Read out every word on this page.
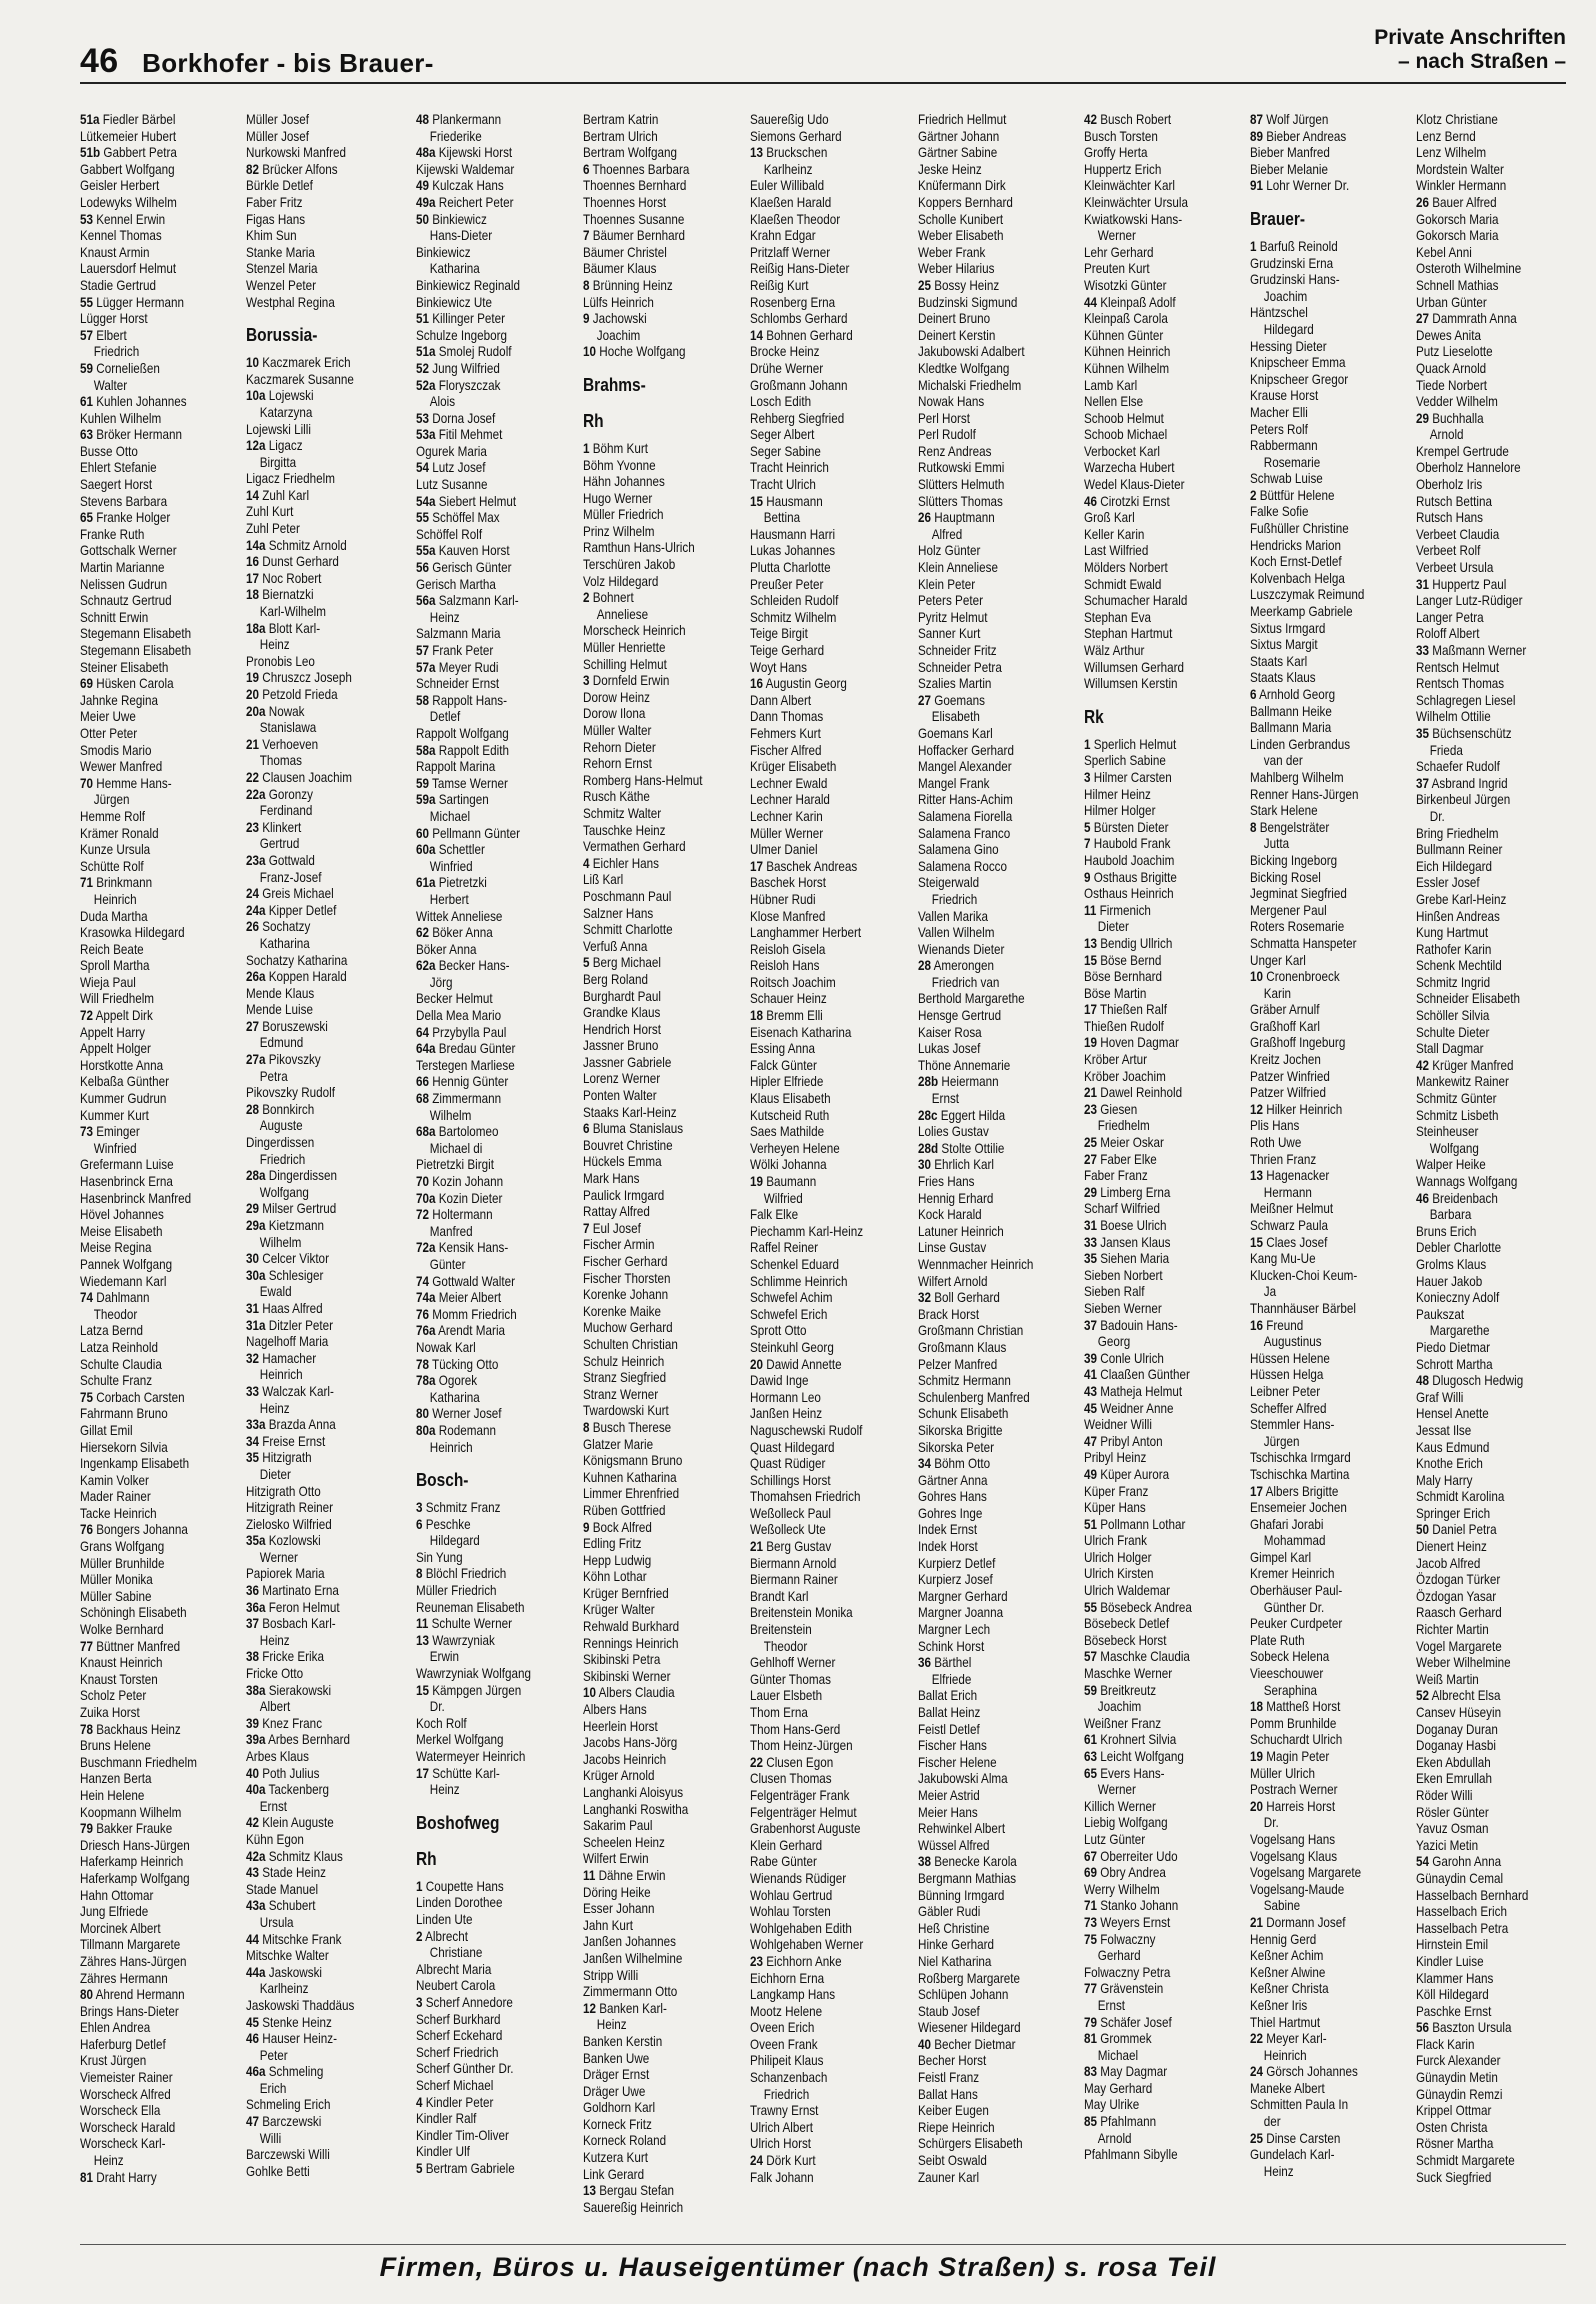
46 Borkhofer - bis Brauer-
Private Anschriften
– nach Straßen –
51a Fiedler Bärbel
Lütkemeier Hubert
51b Gabbert Petra
Gabbert Wolfgang
Geisler Herbert
Lodewyks Wilhelm
53 Kennel Erwin
Kennel Thomas
Knaust Armin
Lauersdorf Helmut
Stadie Gertrud
55 Lügger Hermann
Lügger Horst
57 Elbert
Friedrich
59 Corneließen
Walter
61 Kuhlen Johannes
Kuhlen Wilhelm
63 Bröker Hermann
Busse Otto
Ehlert Stefanie
Saegert Horst
Stevens Barbara
65 Franke Holger
Franke Ruth
Gottschalk Werner
Martin Marianne
Nelissen Gudrun
Schnautz Gertrud
Schnitt Erwin
Stegemann Elisabeth
Stegemann Elisabeth
Steiner Elisabeth
69 Hüsken Carola
Jahnke Regina
Meier Uwe
Otter Peter
Smodis Mario
Wewer Manfred
70 Hemme Hans-
Jürgen
Hemme Rolf
Krämer Ronald
Kunze Ursula
Schütte Rolf
71 Brinkmann
Heinrich
Duda Martha
Krasowka Hildegard
Reich Beate
Sproll Martha
Wieja Paul
Will Friedhelm
72 Appelt Dirk
Appelt Harry
Appelt Holger
Horstkotte Anna
Kelbaßa Günther
Kummer Gudrun
Kummer Kurt
73 Eminger
Winfried
Grefermann Luise
Hasenbrinck Erna
Hasenbrinck Manfred
Hövel Johannes
Meise Elisabeth
Meise Regina
Pannek Wolfgang
Wiedemann Karl
74 Dahlmann
Theodor
Latza Bernd
Latza Reinhold
Schulte Claudia
Schulte Franz
75 Corbach Carsten
Fahrmann Bruno
Gillat Emil
Hiersekorn Silvia
Ingenkamp Elisabeth
Kamin Volker
Mader Rainer
Tacke Heinrich
76 Bongers Johanna
Grans Wolfgang
Müller Brunhilde
Müller Monika
Müller Sabine
Schöningh Elisabeth
Wolke Bernhard
77 Büttner Manfred
Knaust Heinrich
Knaust Torsten
Scholz Peter
Zuika Horst
78 Backhaus Heinz
Bruns Helene
Buschmann Friedhelm
Hanzen Berta
Hein Helene
Koopmann Wilhelm
79 Bakker Frauke
Driesch Hans-Jürgen
Haferkamp Heinrich
Haferkamp Wolfgang
Hahn Ottomar
Jung Elfriede
Morcinek Albert
Tillmann Margarete
Zähres Hans-Jürgen
Zähres Hermann
80 Ahrend Hermann
Brings Hans-Dieter
Ehlen Andrea
Haferburg Detlef
Krust Jürgen
Viemeister Rainer
Worscheck Alfred
Worscheck Ella
Worscheck Harald
Worscheck Karl-
Heinz
81 Draht Harry
Müller Josef
Müller Josef
Nurkowski Manfred
82 Brücker Alfons
Bürkle Detlef
Faber Fritz
Figas Hans
Khim Sun
Stanke Maria
Stenzel Maria
Wenzel Peter
Westphal Regina
Borussia-
10 Kaczmarek Erich
Kaczmarek Susanne
10a Lojewski
Katarzyna
Lojewski Lilli
12a Ligacz
Birgitta
Ligacz Friedhelm
14 Zuhl Karl
Zuhl Kurt
Zuhl Peter
14a Schmitz Arnold
16 Dunst Gerhard
17 Noc Robert
18 Biernatzki
Karl-Wilhelm
18a Blott Karl-
Heinz
Pronobis Leo
19 Chruszcz Joseph
20 Petzold Frieda
20a Nowak
Stanislawa
21 Verhoeven
Thomas
22 Clausen Joachim
22a Goronzy
Ferdinand
23 Klinkert
Gertrud
23a Gottwald
Franz-Josef
24 Greis Michael
24a Kipper Detlef
26 Sochatzy
Katharina
Sochatzy Katharina
26a Koppen Harald
Mende Klaus
Mende Luise
27 Boruszewski
Edmund
27a Pikovszky
Petra
Pikovszky Rudolf
28 Bonnkirch
Auguste
Dingerdissen
Friedrich
28a Dingerdissen
Wolfgang
29 Milser Gertrud
29a Kietzmann
Wilhelm
30 Celcer Viktor
30a Schlesiger
Ewald
31 Haas Alfred
31a Ditzler Peter
Nagelhoff Maria
32 Hamacher
Heinrich
33 Walczak Karl-
Heinz
33a Brazda Anna
34 Freise Ernst
35 Hitzigrath
Dieter
Hitzigrath Otto
Hitzigrath Reiner
Zielosko Wilfried
35a Kozlowski
Werner
Papiorek Maria
36 Martinato Erna
36a Feron Helmut
37 Bosbach Karl-
Heinz
38 Fricke Erika
Fricke Otto
38a Sierakowski
Albert
39 Knez Franc
39a Arbes Bernhard
Arbes Klaus
40 Poth Julius
40a Tackenberg
Ernst
42 Klein Auguste
Kühn Egon
42a Schmitz Klaus
43 Stade Heinz
Stade Manuel
43a Schubert
Ursula
44 Mitschke Frank
Mitschke Walter
44a Jaskowski
Karlheinz
Jaskowski Thaddäus
45 Stenke Heinz
46 Hauser Heinz-
Peter
46a Schmeling
Erich
Schmeling Erich
47 Barczewski
Willi
Barczewski Willi
Gohlke Betti
48 Plankermann
Friederike
48a Kijewski Horst
Kijewski Waldemar
49 Kulczak Hans
49a Reichert Peter
50 Binkiewicz
Hans-Dieter
Binkiewicz
Katharina
Binkiewicz Reginald
Binkiewicz Ute
51 Killinger Peter
Schulze Ingeborg
51a Smolej Rudolf
52 Jung Wilfried
52a Floryszczak
Alois
53 Dorna Josef
53a Fitil Mehmet
Ogurek Maria
54 Lutz Josef
Lutz Susanne
54a Siebert Helmut
55 Schöffel Max
Schöffel Rolf
55a Kauven Horst
56 Gerisch Günter
Gerisch Martha
56a Salzmann Karl-
Heinz
Salzmann Maria
57 Frank Peter
57a Meyer Rudi
Schneider Ernst
58 Rappolt Hans-
Detlef
Rappolt Wolfgang
58a Rappolt Edith
Rappolt Marina
59 Tamse Werner
59a Sartingen
Michael
60 Pellmann Günter
60a Schettler
Winfried
61a Pietretzki
Herbert
Wittek Anneliese
62 Böker Anna
Böker Anna
62a Becker Hans-
Jörg
Becker Helmut
Della Mea Mario
64 Przybylla Paul
64a Bredau Günter
Terstegen Marliese
66 Hennig Günter
68 Zimmermann
Wilhelm
68a Bartolomeo
Michael di
Pietretzki Birgit
70 Kozin Johann
70a Kozin Dieter
72 Holtermann
Manfred
72a Kensik Hans-
Günter
74 Gottwald Walter
74a Meier Albert
76 Momm Friedrich
76a Arendt Maria
Nowak Karl
78 Tücking Otto
78a Ogorek
Katharina
80 Werner Josef
80a Rodemann
Heinrich
Bosch-
3 Schmitz Franz
6 Peschke
Hildegard
Sin Yung
8 Blöchl Friedrich
Müller Friedrich
Reuneman Elisabeth
11 Schulte Werner
13 Wawrzyniak
Erwin
Wawrzyniak Wolfgang
15 Kämpgen Jürgen
Dr.
Koch Rolf
Merkel Wolfgang
Watermeyer Heinrich
17 Schütte Karl-
Heinz
Boshofweg
Rh
1 Coupette Hans
Linden Dorothee
Linden Ute
2 Albrecht
Christiane
Albrecht Maria
Neubert Carola
3 Scherf Annedore
Scherf Burkhard
Scherf Eckehard
Scherf Friedrich
Scherf Günther Dr.
Scherf Michael
4 Kindler Peter
Kindler Ralf
Kindler Tim-Oliver
Kindler Ulf
5 Bertram Gabriele
Bertram Katrin
Bertram Ulrich
Bertram Wolfgang
6 Thoennes Barbara
Thoennes Bernhard
Thoennes Horst
Thoennes Susanne
7 Bäumer Bernhard
Bäumer Christel
Bäumer Klaus
8 Brünning Heinz
Lülfs Heinrich
9 Jachowski
Joachim
10 Hoche Wolfgang
Brahms-
Rh
1 Böhm Kurt
Böhm Yvonne
Hähn Johannes
Hugo Werner
Müller Friedrich
Prinz Wilhelm
Ramthun Hans-Ulrich
Terschüren Jakob
Volz Hildegard
2 Bohnert
Anneliese
Morscheck Heinrich
Müller Henriette
Schilling Helmut
3 Dornfeld Erwin
Dorow Heinz
Dorow Ilona
Müller Walter
Rehorn Dieter
Rehorn Ernst
Romberg Hans-Helmut
Rusch Käthe
Schmitz Walter
Tauschke Heinz
Vermathen Gerhard
4 Eichler Hans
Liß Karl
Poschmann Paul
Salzner Hans
Schmitt Charlotte
Verfuß Anna
5 Berg Michael
Berg Roland
Burghardt Paul
Grandke Klaus
Hendrich Horst
Jassner Bruno
Jassner Gabriele
Lorenz Werner
Ponten Walter
Staaks Karl-Heinz
6 Bluma Stanislaus
Bouvret Christine
Hückels Emma
Mark Hans
Paulick Irmgard
Rattay Alfred
7 Eul Josef
Fischer Armin
Fischer Gerhard
Fischer Thorsten
Korenke Johann
Korenke Maike
Muchow Gerhard
Schulten Christian
Schulz Heinrich
Stranz Siegfried
Stranz Werner
Twardowski Kurt
8 Busch Therese
Glatzer Marie
Königsmann Bruno
Kuhnen Katharina
Limmer Ehrenfried
Rüben Gottfried
9 Bock Alfred
Edling Fritz
Hepp Ludwig
Köhn Lothar
Krüger Bernfried
Krüger Walter
Rehwald Burkhard
Rennings Heinrich
Skibinski Petra
Skibinski Werner
10 Albers Claudia
Albers Hans
Heerlein Horst
Jacobs Hans-Jörg
Jacobs Heinrich
Krüger Arnold
Langhanki Aloisyus
Langhanki Roswitha
Sakarim Paul
Scheelen Heinz
Wilfert Erwin
11 Dähne Erwin
Döring Heike
Esser Johann
Jahn Kurt
Janßen Johannes
Janßen Wilhelmine
Stripp Willi
Zimmermann Otto
12 Banken Karl-
Heinz
Banken Kerstin
Banken Uwe
Dräger Ernst
Dräger Uwe
Goldhorn Karl
Korneck Fritz
Korneck Roland
Kutzera Kurt
Link Gerard
13 Bergau Stefan
Sauereßig Heinrich
Sauereßig Udo
Siemons Gerhard
13 Bruckschen
Karlheinz
Euler Willibald
Klaeßen Harald
Klaeßen Theodor
Krahn Edgar
Pritzlaff Werner
Reißig Hans-Dieter
Reißig Kurt
Rosenberg Erna
Schlombs Gerhard
14 Bohnen Gerhard
Brocke Heinz
Drühe Werner
Großmann Johann
Losch Edith
Rehberg Siegfried
Seger Albert
Seger Sabine
Tracht Heinrich
Tracht Ulrich
15 Hausmann
Bettina
Hausmann Harri
Lukas Johannes
Plutta Charlotte
Preußer Peter
Schleiden Rudolf
Schmitz Wilhelm
Teige Birgit
Teige Gerhard
Woyt Hans
16 Augustin Georg
Dann Albert
Dann Thomas
Fehmers Kurt
Fischer Alfred
Krüger Elisabeth
Lechner Ewald
Lechner Harald
Lechner Karin
Müller Werner
Ulmer Daniel
17 Baschek Andreas
Baschek Horst
Hübner Rudi
Klose Manfred
Langhammer Herbert
Reisloh Gisela
Reisloh Hans
Roitsch Joachim
Schauer Heinz
18 Bremm Elli
Eisenach Katharina
Essing Anna
Falck Günter
Hipler Elfriede
Klaus Elisabeth
Kutscheid Ruth
Saes Mathilde
Verheyen Helene
Wölki Johanna
19 Baumann
Wilfried
Falk Elke
Piechamm Karl-Heinz
Raffel Reiner
Schenkel Eduard
Schlimme Heinrich
Schwefel Achim
Schwefel Erich
Sprott Otto
Steinkuhl Georg
20 Dawid Annette
Dawid Inge
Hormann Leo
Janßen Heinz
Naguschewski Rudolf
Quast Hildegard
Quast Rüdiger
Schillings Horst
Thomahsen Friedrich
Weßolleck Paul
Weßolleck Ute
21 Berg Gustav
Biermann Arnold
Biermann Rainer
Brandt Karl
Breitenstein Monika
Breitenstein
Theodor
Gehlhoff Werner
Günter Thomas
Lauer Elsbeth
Thom Erna
Thom Hans-Gerd
Thom Heinz-Jürgen
22 Clusen Egon
Clusen Thomas
Felgenträger Frank
Felgenträger Helmut
Grabenhorst Auguste
Klein Gerhard
Rabe Günter
Wienands Rüdiger
Wohlau Gertrud
Wohlau Torsten
Wohlgehaben Edith
Wohlgehaben Werner
23 Eichhorn Anke
Eichhorn Erna
Langkamp Hans
Mootz Helene
Oveen Erich
Oveen Frank
Philipeit Klaus
Schanzenbach
Friedrich
Trawny Ernst
Ulrich Albert
Ulrich Horst
24 Dörk Kurt
Falk Johann
Friedrich Hellmut
Gärtner Johann
Gärtner Sabine
Jeske Heinz
Knüfermann Dirk
Koppers Bernhard
Scholle Kunibert
Weber Elisabeth
Weber Frank
Weber Hilarius
25 Bossy Heinz
Budzinski Sigmund
Deinert Bruno
Deinert Kerstin
Jakubowski Adalbert
Kledtke Wolfgang
Michalski Friedhelm
Nowak Hans
Perl Horst
Perl Rudolf
Renz Andreas
Rutkowski Emmi
Slütters Helmuth
Slütters Thomas
26 Hauptmann
Alfred
Holz Günter
Klein Anneliese
Klein Peter
Peters Peter
Pyritz Helmut
Sanner Kurt
Schneider Fritz
Schneider Petra
Szalies Martin
27 Goemans
Elisabeth
Goemans Karl
Hoffacker Gerhard
Mangel Alexander
Mangel Frank
Ritter Hans-Achim
Salamena Fiorella
Salamena Franco
Salamena Gino
Salamena Rocco
Steigerwald
Friedrich
Vallen Marika
Vallen Wilhelm
Wienands Dieter
28 Amerongen
Friedrich van
Berthold Margarethe
Hensge Gertrud
Kaiser Rosa
Lukas Josef
Thöne Annemarie
28b Heiermann
Ernst
28c Eggert Hilda
Lolies Gustav
28d Stolte Ottilie
30 Ehrlich Karl
Fries Hans
Hennig Erhard
Kock Harald
Latuner Heinrich
Linse Gustav
Wennmacher Heinrich
Wilfert Arnold
32 Boll Gerhard
Brack Horst
Großmann Christian
Großmann Klaus
Pelzer Manfred
Schmitz Hermann
Schulenberg Manfred
Schunk Elisabeth
Sikorska Brigitte
Sikorska Peter
34 Böhm Otto
Gärtner Anna
Gohres Hans
Gohres Inge
Indek Ernst
Indek Horst
Kurpierz Detlef
Kurpierz Josef
Margner Gerhard
Margner Joanna
Margner Lech
Schink Horst
36 Bärthel
Elfriede
Ballat Erich
Ballat Heinz
Feistl Detlef
Fischer Hans
Fischer Helene
Jakubowski Alma
Meier Astrid
Meier Hans
Rehwinkel Albert
Wüssel Alfred
38 Benecke Karola
Bergmann Mathias
Bünning Irmgard
Gäbler Rudi
Heß Christine
Hinke Gerhard
Niel Katharina
Roßberg Margarete
Schlüpen Johann
Staub Josef
Wiesener Hildegard
40 Becher Dietmar
Becher Horst
Feistl Franz
Ballat Hans
Keiber Eugen
Riepe Heinrich
Schürgers Elisabeth
Seibt Oswald
Zauner Karl
42 Busch Robert
Busch Torsten
Groffy Herta
Huppertz Erich
Kleinwächter Karl
Kleinwächter Ursula
Kwiatkowski Hans-
Werner
Lehr Gerhard
Preuten Kurt
Wisotzki Günter
44 Kleinpaß Adolf
Kleinpaß Carola
Kühnen Günter
Kühnen Heinrich
Kühnen Wilhelm
Lamb Karl
Nellen Else
Schoob Helmut
Schoob Michael
Verbocket Karl
Warzecha Hubert
Wedel Klaus-Dieter
46 Cirotzki Ernst
Groß Karl
Keller Karin
Last Wilfried
Mölders Norbert
Schmidt Ewald
Schumacher Harald
Stephan Eva
Stephan Hartmut
Wälz Arthur
Willumsen Gerhard
Willumsen Kerstin
Rk
1 Sperlich Helmut
Sperlich Sabine
3 Hilmer Carsten
Hilmer Heinz
Hilmer Holger
5 Bürsten Dieter
7 Haubold Frank
Haubold Joachim
9 Osthaus Brigitte
Osthaus Heinrich
11 Firmenich
Dieter
13 Bendig Ullrich
15 Böse Bernd
Böse Bernhard
Böse Martin
17 Thießen Ralf
Thießen Rudolf
19 Hoven Dagmar
Kröber Artur
Kröber Joachim
21 Dawel Reinhold
23 Giesen
Friedhelm
25 Meier Oskar
27 Faber Elke
Faber Franz
29 Limberg Erna
Scharf Wilfried
31 Boese Ulrich
33 Jansen Klaus
35 Siehen Maria
Sieben Norbert
Sieben Ralf
Sieben Werner
37 Badouin Hans-
Georg
39 Conle Ulrich
41 Claaßen Günther
43 Matheja Helmut
45 Weidner Anne
Weidner Willi
47 Pribyl Anton
Pribyl Heinz
49 Küper Aurora
Küper Franz
Küper Hans
51 Pollmann Lothar
Ulrich Frank
Ulrich Holger
Ulrich Kirsten
Ulrich Waldemar
55 Bösebeck Andrea
Bösebeck Detlef
Bösebeck Horst
57 Maschke Claudia
Maschke Werner
59 Breitkreutz
Joachim
Weißner Franz
61 Krohnert Silvia
63 Leicht Wolfgang
65 Evers Hans-
Werner
Killich Werner
Liebig Wolfgang
Lutz Günter
67 Oberreiter Udo
69 Obry Andrea
Werry Wilhelm
71 Stanko Johann
73 Weyers Ernst
75 Folwaczny
Gerhard
Folwaczny Petra
77 Grävenstein
Ernst
79 Schäfer Josef
81 Grommek
Michael
83 May Dagmar
May Gerhard
May Ulrike
85 Pfahlmann
Arnold
Pfahlmann Sibylle
87 Wolf Jürgen
89 Bieber Andreas
Bieber Manfred
Bieber Melanie
91 Lohr Werner Dr.
Brauer-
1 Barfuß Reinold
Grudzinski Erna
Grudzinski Hans-
Joachim
Häntzschel
Hildegard
Hessing Dieter
Knipscheer Emma
Knipscheer Gregor
Krause Horst
Macher Elli
Peters Rolf
Rabbermann
Rosemarie
Schwab Luise
2 Büttfür Helene
Falke Sofie
Fußhüller Christine
Hendricks Marion
Koch Ernst-Detlef
Kolvenbach Helga
Luszczymak Reimund
Meerkamp Gabriele
Sixtus Irmgard
Sixtus Margit
Staats Karl
Staats Klaus
6 Arnhold Georg
Ballmann Heike
Ballmann Maria
Linden Gerbrandus
van der
Mahlberg Wilhelm
Renner Hans-Jürgen
Stark Helene
8 Bengelsträter
Jutta
Bicking Ingeborg
Bicking Rosel
Jegminat Siegfried
Mergener Paul
Roters Rosemarie
Schmatta Hanspeter
Unger Karl
10 Cronenbroeck
Karin
Gräber Arnulf
Graßhoff Karl
Graßhoff Ingeburg
Kreitz Jochen
Patzer Winfried
Patzer Wilfried
12 Hilker Heinrich
Plis Hans
Roth Uwe
Thrien Franz
13 Hagenacker
Hermann
Meißner Helmut
Schwarz Paula
15 Claes Josef
Kang Mu-Ue
Klucken-Choi Keum-
Ja
Thannhäuser Bärbel
16 Freund
Augustinus
Hüssen Helene
Hüssen Helga
Leibner Peter
Scheffer Alfred
Stemmler Hans-
Jürgen
Tschischka Irmgard
Tschischka Martina
17 Albers Brigitte
Ensemeier Jochen
Ghafari Jorabi
Mohammad
Gimpel Karl
Kremer Heinrich
Oberhäuser Paul-
Günther Dr.
Peuker Curdpeter
Plate Ruth
Sobeck Helena
Vieeschouwer
Seraphina
18 Mattheß Horst
Pomm Brunhilde
Schuchardt Ulrich
19 Magin Peter
Müller Ulrich
Postrach Werner
20 Harreis Horst
Dr.
Vogelsang Hans
Vogelsang Klaus
Vogelsang Margarete
Vogelsang-Maude
Sabine
21 Dormann Josef
Hennig Gerd
Keßner Achim
Keßner Alwine
Keßner Christa
Keßner Iris
Thiel Hartmut
22 Meyer Karl-
Heinrich
24 Görsch Johannes
Maneke Albert
Schmitten Paula In
der
25 Dinse Carsten
Gundelach Karl-
Heinz
Klotz Christiane
Lenz Bernd
Lenz Wilhelm
Mordstein Walter
Winkler Hermann
26 Bauer Alfred
Gokorsch Maria
Gokorsch Maria
Kebel Anni
Osteroth Wilhelmine
Schnell Mathias
Urban Günter
27 Dammrath Anna
Dewes Anita
Putz Lieselotte
Quack Arnold
Tiede Norbert
Vedder Wilhelm
29 Buchhalla
Arnold
Krempel Gertrude
Oberholz Hannelore
Oberholz Iris
Rutsch Bettina
Rutsch Hans
Verbeet Claudia
Verbeet Rolf
Verbeet Ursula
31 Huppertz Paul
Langer Lutz-Rüdiger
Langer Petra
Roloff Albert
33 Maßmann Werner
Rentsch Helmut
Rentsch Thomas
Schlagregen Liesel
Wilhelm Ottilie
35 Büchsenschütz
Frieda
Schaefer Rudolf
37 Asbrand Ingrid
Birkenbeul Jürgen
Dr.
Bring Friedhelm
Bullmann Reiner
Eich Hildegard
Essler Josef
Grebe Karl-Heinz
Hinßen Andreas
Kung Hartmut
Rathofer Karin
Schenk Mechtild
Schmitz Ingrid
Schneider Elisabeth
Schöller Silvia
Schulte Dieter
Stall Dagmar
42 Krüger Manfred
Mankewitz Rainer
Schmitz Günter
Schmitz Lisbeth
Steinheuser
Wolfgang
Walper Heike
Wannags Wolfgang
46 Breidenbach
Barbara
Bruns Erich
Debler Charlotte
Grolms Klaus
Hauer Jakob
Konieczny Adolf
Paukszat
Margarethe
Piedo Dietmar
Schrott Martha
48 Dlugosch Hedwig
Graf Willi
Hensel Anette
Jessat Ilse
Kaus Edmund
Knothe Erich
Maly Harry
Schmidt Karolina
Springer Erich
50 Daniel Petra
Dienert Heinz
Jacob Alfred
Özdogan Türker
Özdogan Yasar
Raasch Gerhard
Richter Martin
Vogel Margarete
Weber Wilhelmine
Weiß Martin
52 Albrecht Elsa
Cansev Hüseyin
Doganay Duran
Doganay Hasbi
Eken Abdullah
Eken Emrullah
Röder Willi
Rösler Günter
Yavuz Osman
Yazici Metin
54 Garohn Anna
Günaydin Cemal
Hasselbach Bernhard
Hasselbach Erich
Hasselbach Petra
Hirnstein Emil
Kindler Luise
Klammer Hans
Köll Hildegard
Paschke Ernst
56 Baszton Ursula
Flack Karin
Furck Alexander
Günaydin Metin
Günaydin Remzi
Krippel Ottmar
Osten Christa
Rösner Martha
Schmidt Margarete
Suck Siegfried
Firmen, Büros u. Hauseigentümer (nach Straßen) s. rosa Teil
